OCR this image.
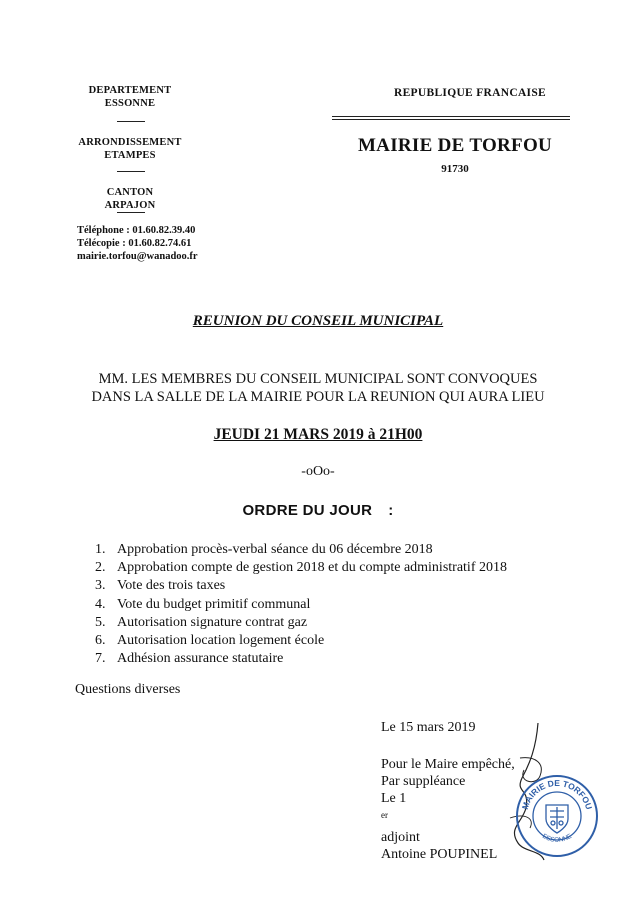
DEPARTEMENT
ESSONNE
ARRONDISSEMENT
ETAMPES
CANTON
ARPAJON
Téléphone : 01.60.82.39.40
Télécopie : 01.60.82.74.61
mairie.torfou@wanadoo.fr
REPUBLIQUE FRANCAISE
MAIRIE DE TORFOU
91730
REUNION DU CONSEIL MUNICIPAL
MM. LES MEMBRES DU CONSEIL MUNICIPAL SONT CONVOQUES
DANS LA SALLE DE LA MAIRIE POUR LA REUNION QUI AURA LIEU
JEUDI 21 MARS 2019 à 21H00
-oOo-
ORDRE DU JOUR :
1. Approbation procès-verbal séance du 06 décembre 2018
2. Approbation compte de gestion 2018 et du compte administratif 2018
3. Vote des trois taxes
4. Vote du budget primitif communal
5. Autorisation signature contrat gaz
6. Autorisation location logement école
7. Adhésion assurance statutaire
Questions diverses
Le 15 mars 2019
Pour le Maire empêché,
Par suppléance
Le 1
$^{er}$
adjoint
Antoine POUPINEL
MAIRIE DE TORFOU
ESSONNE
